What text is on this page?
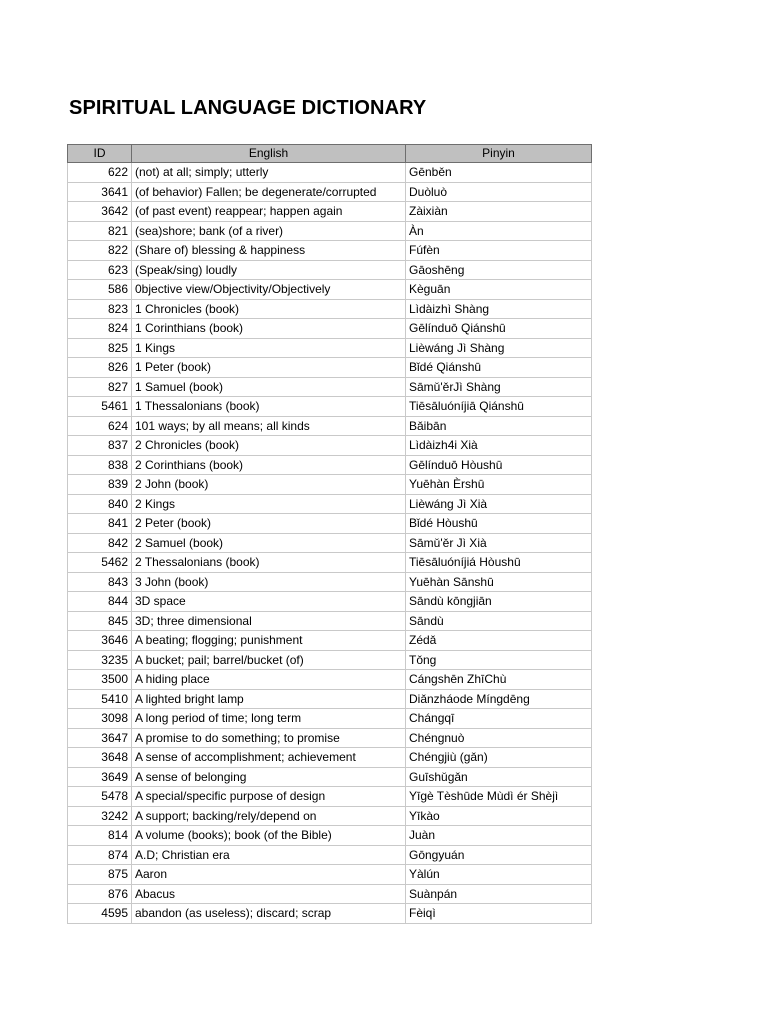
SPIRITUAL LANGUAGE DICTIONARY
ID	English	Pinyin
622	(not) at all; simply; utterly	Gēnběn
3641	(of behavior) Fallen; be degenerate/corrupted	Duòluò
3642	(of past event) reappear; happen again	Zàixiàn
821	(sea)shore; bank (of a river)	Àn
822	(Share of) blessing & happiness	Fúfèn
623	(Speak/sing) loudly	Gāoshēng
586	0bjective view/Objectivity/Objectively	Kèguān
823	1 Chronicles (book)	Lìdàizhì Shàng
824	1 Corinthians (book)	Gēlínduō Qiánshū
825	1 Kings	Lièwáng Jì Shàng
826	1 Peter (book)	Bǐdé Qiánshū
827	1 Samuel (book)	Sāmǔ'ěrJì Shàng
5461	1 Thessalonians (book)	Tiēsāluóníjiā Qiánshū
624	101 ways; by all means; all kinds	Bǎibān
837	2 Chronicles (book)	Lìdàizh4i Xià
838	2 Corinthians (book)	Gēlínduō Hòushū
839	2 John (book)	Yuēhàn Èrshū
840	2 Kings	Lièwáng Jì Xià
841	2 Peter (book)	Bǐdé Hòushū
842	2 Samuel (book)	Sāmǔ'ěr Jì Xià
5462	2 Thessalonians (book)	Tiēsāluóníjiá Hòushū
843	3 John (book)	Yuēhàn Sānshū
844	3D space	Sāndù kōngjiān
845	3D; three dimensional	Sāndù
3646	A beating; flogging; punishment	Zédǎ
3235	A bucket; pail; barrel/bucket (of)	Tǒng
3500	A hiding place	Cángshēn ZhīChù
5410	A lighted bright lamp	Diǎnzháode Míngdēng
3098	A long period of time; long term	Chángqī
3647	A promise to do something; to promise	Chéngnuò
3648	A sense of accomplishment; achievement	Chéngjiù (gǎn)
3649	A sense of belonging	Guīshǔgǎn
5478	A special/specific purpose of design	Yīgè Tèshūde Mùdì ér Shèjì
3242	A support; backing/rely/depend on	Yīkào
814	A volume (books); book (of the Bible)	Juàn
874	A.D; Christian era	Gōngyuán
875	Aaron	Yàlún
876	Abacus	Suànpán
4595	abandon (as useless); discard; scrap	Fèiqì
